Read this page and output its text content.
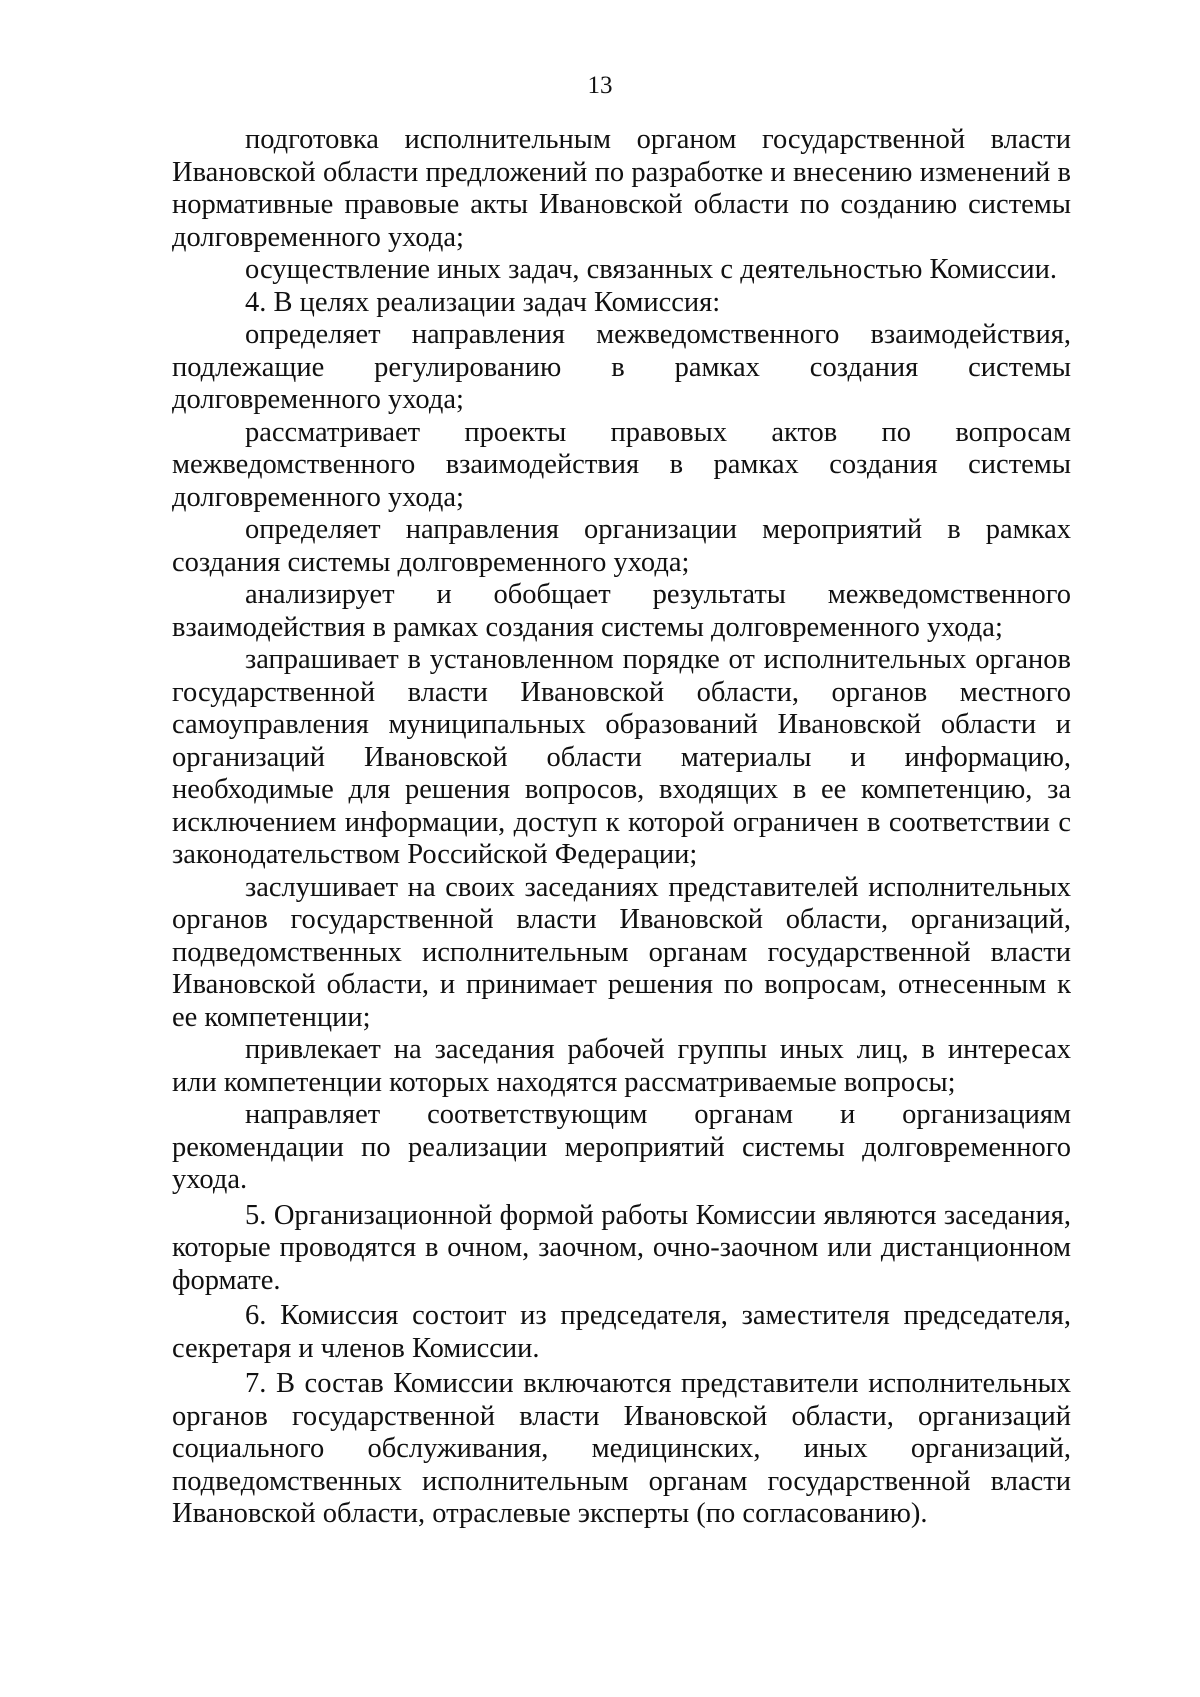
13

подготовка исполнительным органом государственной власти Ивановской области предложений по разработке и внесению изменений в нормативные правовые акты Ивановской области по созданию системы долговременного ухода;

осуществление иных задач, связанных с деятельностью Комиссии.

4. В целях реализации задач Комиссия:

определяет направления межведомственного взаимодействия, подлежащие регулированию в рамках создания системы долговременного ухода;

рассматривает проекты правовых актов по вопросам межведомственного взаимодействия в рамках создания системы долговременного ухода;

определяет направления организации мероприятий в рамках создания системы долговременного ухода;

анализирует и обобщает результаты межведомственного взаимодействия в рамках создания системы долговременного ухода;

запрашивает в установленном порядке от исполнительных органов государственной власти Ивановской области, органов местного самоуправления муниципальных образований Ивановской области и организаций Ивановской области материалы и информацию, необходимые для решения вопросов, входящих в ее компетенцию, за исключением информации, доступ к которой ограничен в соответствии с законодательством Российской Федерации;

заслушивает на своих заседаниях представителей исполнительных органов государственной власти Ивановской области, организаций, подведомственных исполнительным органам государственной власти Ивановской области, и принимает решения по вопросам, отнесенным к ее компетенции;

привлекает на заседания рабочей группы иных лиц, в интересах или компетенции которых находятся рассматриваемые вопросы;

направляет соответствующим органам и организациям рекомендации по реализации мероприятий системы долговременного ухода.

5. Организационной формой работы Комиссии являются заседания, которые проводятся в очном, заочном, очно-заочном или дистанционном формате.

6. Комиссия состоит из председателя, заместителя председателя, секретаря и членов Комиссии.

7. В состав Комиссии включаются представители исполнительных органов государственной власти Ивановской области, организаций социального обслуживания, медицинских, иных организаций, подведомственных исполнительным органам государственной власти Ивановской области, отраслевые эксперты (по согласованию).
